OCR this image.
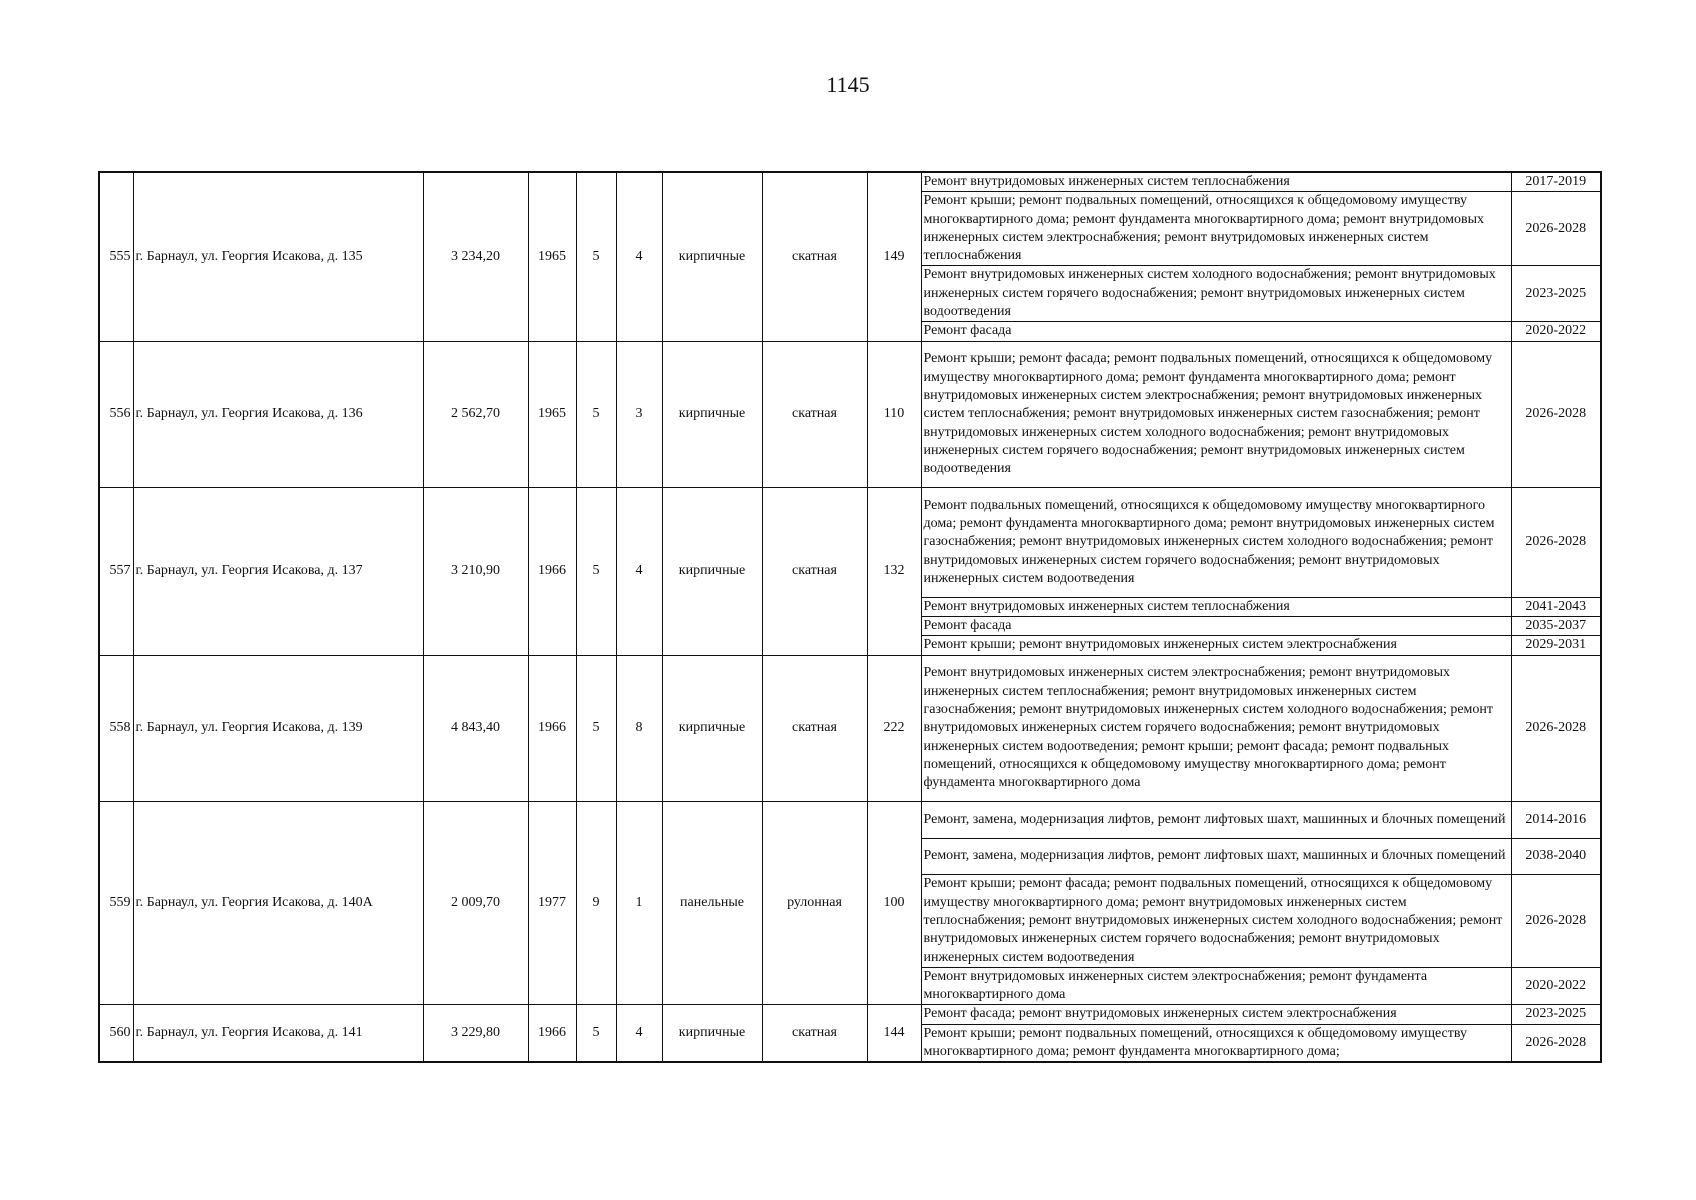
1145
555	г. Барнаул, ул. Георгия Исакова, д. 135	3 234,20	1965	5	4	кирпичные	скатная	149	Ремонт внутридомовых инженерных систем теплоснабжения	2017-2019
									Ремонт крыши; ремонт подвальных помещений, относящихся к общедомовому имуществу многоквартирного дома; ремонт фундамента многоквартирного дома; ремонт внутридомовых инженерных систем электроснабжения; ремонт внутридомовых инженерных систем теплоснабжения	2026-2028
									Ремонт внутридомовых инженерных систем холодного водоснабжения; ремонт внутридомовых инженерных систем горячего водоснабжения; ремонт внутридомовых инженерных систем водоотведения	2023-2025
									Ремонт фасада	2020-2022
556	г. Барнаул, ул. Георгия Исакова, д. 136	2 562,70	1965	5	3	кирпичные	скатная	110	Ремонт крыши; ремонт фасада; ремонт подвальных помещений, относящихся к общедомовому имуществу многоквартирного дома; ремонт фундамента многоквартирного дома; ремонт внутридомовых инженерных систем электроснабжения; ремонт внутридомовых инженерных систем теплоснабжения; ремонт внутридомовых инженерных систем газоснабжения; ремонт внутридомовых инженерных систем холодного водоснабжения; ремонт внутридомовых инженерных систем горячего водоснабжения; ремонт внутридомовых инженерных систем водоотведения	2026-2028
557	г. Барнаул, ул. Георгия Исакова, д. 137	3 210,90	1966	5	4	кирпичные	скатная	132	Ремонт подвальных помещений, относящихся к общедомовому имуществу многоквартирного дома; ремонт фундамента многоквартирного дома; ремонт внутридомовых инженерных систем газоснабжения; ремонт внутридомовых инженерных систем холодного водоснабжения; ремонт внутридомовых инженерных систем горячего водоснабжения; ремонт внутридомовых инженерных систем водоотведения	2026-2028
									Ремонт внутридомовых инженерных систем теплоснабжения	2041-2043
									Ремонт фасада	2035-2037
									Ремонт крыши; ремонт внутридомовых инженерных систем электроснабжения	2029-2031
558	г. Барнаул, ул. Георгия Исакова, д. 139	4 843,40	1966	5	8	кирпичные	скатная	222	Ремонт внутридомовых инженерных систем электроснабжения; ремонт внутридомовых инженерных систем теплоснабжения; ремонт внутридомовых инженерных систем газоснабжения; ремонт внутридомовых инженерных систем холодного водоснабжения; ремонт внутридомовых инженерных систем горячего водоснабжения; ремонт внутридомовых инженерных систем водоотведения; ремонт крыши; ремонт фасада; ремонт подвальных помещений, относящихся к общедомовому имуществу многоквартирного дома; ремонт фундамента многоквартирного дома	2026-2028
559	г. Барнаул, ул. Георгия Исакова, д. 140А	2 009,70	1977	9	1	панельные	рулонная	100	Ремонт, замена, модернизация лифтов, ремонт лифтовых шахт, машинных и блочных помещений	2014-2016
									Ремонт, замена, модернизация лифтов, ремонт лифтовых шахт, машинных и блочных помещений	2038-2040
									Ремонт крыши; ремонт фасада; ремонт подвальных помещений, относящихся к общедомовому имуществу многоквартирного дома; ремонт внутридомовых инженерных систем теплоснабжения; ремонт внутридомовых инженерных систем холодного водоснабжения; ремонт внутридомовых инженерных систем горячего водоснабжения; ремонт внутридомовых инженерных систем водоотведения	2026-2028
									Ремонт внутридомовых инженерных систем электроснабжения; ремонт фундамента многоквартирного дома	2020-2022
560	г. Барнаул, ул. Георгия Исакова, д. 141	3 229,80	1966	5	4	кирпичные	скатная	144	Ремонт фасада; ремонт внутридомовых инженерных систем электроснабжения	2023-2025
									Ремонт крыши; ремонт подвальных помещений, относящихся к общедомовому имуществу многоквартирного дома; ремонт фундамента многоквартирного дома;	2026-2028
